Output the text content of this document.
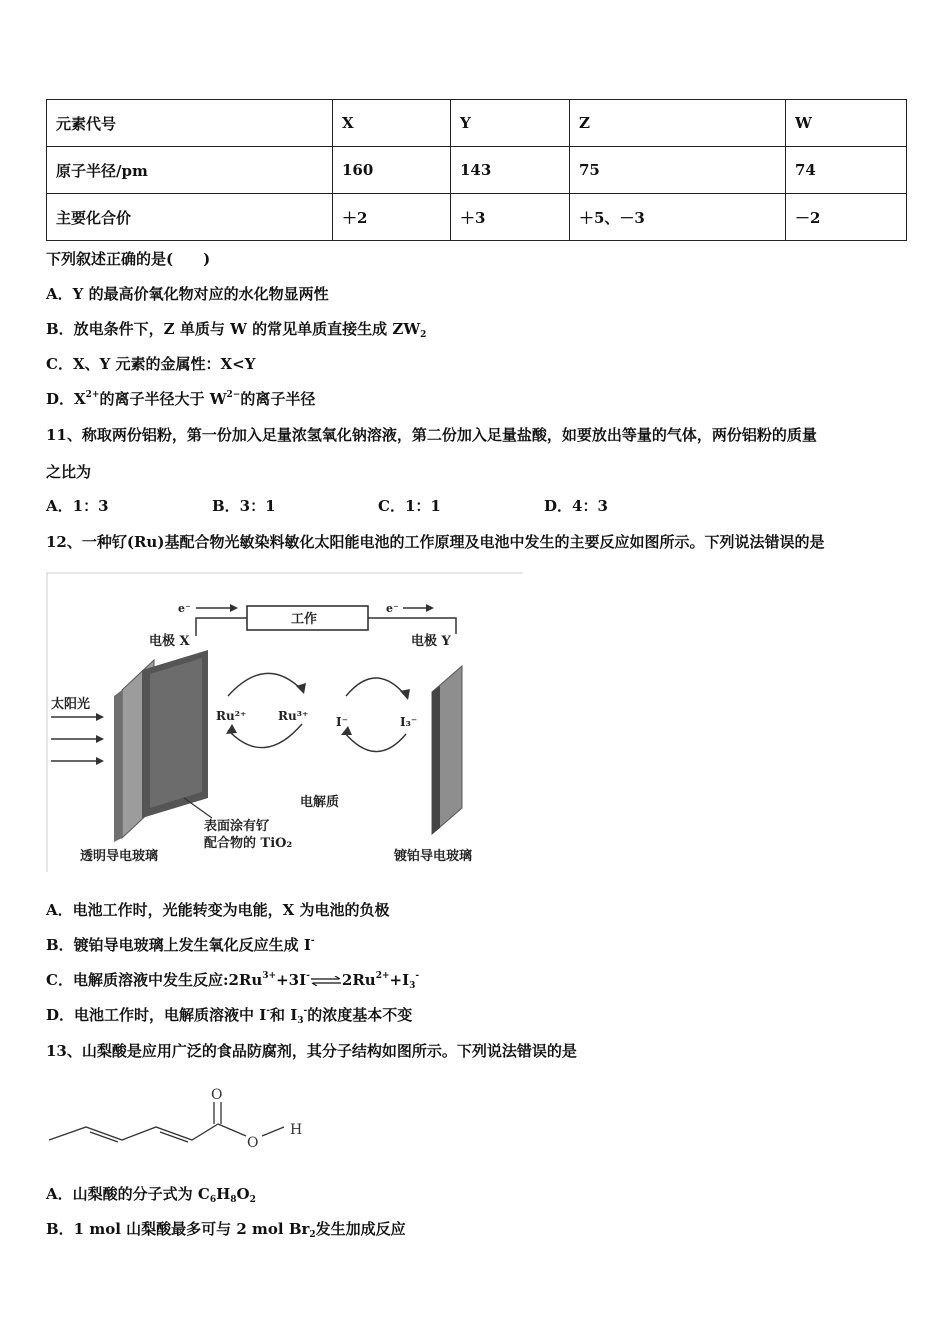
元素代号	X	Y	Z	W
原子半径/pm	160	143	75	74
主要化合价	＋2	＋3	＋5、－3	－2
下列叙述正确的是(　　)
A．Y 的最高价氧化物对应的水化物显两性
B．放电条件下，Z 单质与 W 的常见单质直接生成 $ZW_2$
C．X、Y 元素的金属性：X<Y
D．$X^{2+}$的离子半径大于 $W^{2-}$的离子半径
11、称取两份铝粉，第一份加入足量浓氢氧化钠溶液，第二份加入足量盐酸，如要放出等量的气体，两份铝粉的质量
之比为
A．1：3	B．3：1	C．1：1	D．4：3
12、一种钌(Ru)基配合物光敏染料敏化太阳能电池的工作原理及电池中发生的主要反应如图所示。下列说法错误的是
工作
e⁻	e⁻
电极 X	电极 Y
太阳光
Ru²⁺	Ru³⁺ I⁻	I₃⁻
电解质
表面涂有钌
配合物的 TiO₂
透明导电玻璃	镀铂导电玻璃
A．电池工作时，光能转变为电能，X 为电池的负极
B．镀铂导电玻璃上发生氧化反应生成 I-
C．电解质溶液中发生反应$:2Ru^{3+}+3I^-\rightleftharpoons 2Ru^{2+}+I_3^-$
D．电池工作时，电解质溶液中 I-和 $I_3^-$的浓度基本不变
13、山梨酸是应用广泛的食品防腐剂，其分子结构如图所示。下列说法错误的是
O
O
H
A．山梨酸的分子式为 $C_6H_8O_2$
B．1 mol 山梨酸最多可与 2 mol $Br_2$发生加成反应
